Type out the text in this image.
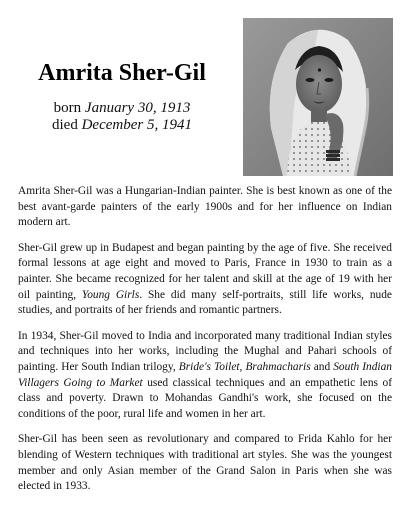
Amrita Sher-Gil
born January 30, 1913
died December 5, 1941

Amrita Sher-Gil was a Hungarian-Indian painter. She is best known as one of the best avant-garde painters of the early 1900s and for her influence on Indian modern art.

Sher-Gil grew up in Budapest and began painting by the age of five. She received formal lessons at age eight and moved to Paris, France in 1930 to train as a painter. She became recognized for her talent and skill at the age of 19 with her oil painting, Young Girls. She did many self-portraits, still life works, nude studies, and portraits of her friends and romantic partners.

In 1934, Sher-Gil moved to India and incorporated many traditional Indian styles and techniques into her works, including the Mughal and Pahari schools of painting. Her South Indian trilogy, Bride's Toilet, Brahmacharis and South Indian Villagers Going to Market used classical techniques and an empathetic lens of class and poverty. Drawn to Mohandas Gandhi's work, she focused on the conditions of the poor, rural life and women in her art.

Sher-Gil has been seen as revolutionary and compared to Frida Kahlo for her blending of Western techniques with traditional art styles. She was the youngest member and only Asian member of the Grand Salon in Paris when she was elected in 1933.
